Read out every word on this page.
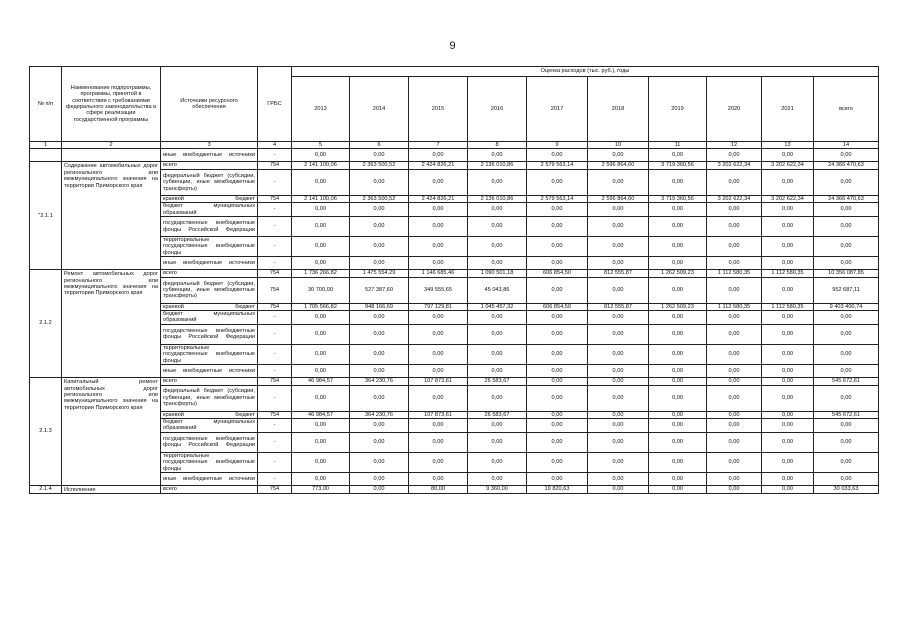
9
№ п/п	Наименование подпрограммы, программы, принятой в соответствии с требованиями федерального законодательства в сфере реализации государственной программы	Источники ресурсного обеспечения	ГРБС	Оценка расходов (тыс. руб.), годы									
				2013	2014	2015	2016	2017	2018	2019	2020	2021	всего
1	2	3	4	5	6	7	8	9	10	11	12	13	14
		иные внебюджетные источники	-	0,00	0,00	0,00	0,00	0,00	0,00	0,00	0,00	0,00	0,00
"2.1.1	Содержание автомобильных дорог регионального или межмуниципального значения на территории Приморского края	всего	754	2 141 100,06	2 363 500,52	2 424 826,21	2 136 010,86	2 579 563,14	2 596 864,60	3 719 360,56	3 202 622,34	3 202 622,34	24 366 470,63
		федеральный бюджет (субсидии, субвенции, иные межбюджетные трансферты)	-	0,00	0,00	0,00	0,00	0,00	0,00	0,00	0,00	0,00	0,00
		краевой бюджет	754	2 141 100,06	2 363 500,52	2 424 826,21	2 136 010,86	2 579 563,14	2 596 864,60	3 719 360,56	3 202 622,34	3 202 622,34	24 366 470,63
		бюджет муниципальных образований	-	0,00	0,00	0,00	0,00	0,00	0,00	0,00	0,00	0,00	0,00
		государственные внебюджетные фонды Российской Федерации	-	0,00	0,00	0,00	0,00	0,00	0,00	0,00	0,00	0,00	0,00
		территориальные государственные внебюджетные фонды	-	0,00	0,00	0,00	0,00	0,00	0,00	0,00	0,00	0,00	0,00
		иные внебюджетные источники	-	0,00	0,00	0,00	0,00	0,00	0,00	0,00	0,00	0,00	0,00
2.1.2	Ремонт автомобильных дорог регионального или межмуниципального значения на территории Приморского края	всего	754	1 736 266,82	1 475 554,29	1 146 685,46	1 090 501,18	606 854,50	812 555,87	1 262 509,23	1 112 580,35	1 112 580,35	10 356 087,85
		федеральный бюджет (субсидии, субвенции, иные межбюджетные трансферты)	754	30 700,00	527 387,60	349 555,65	45 043,86	0,00	0,00	0,00	0,00	0,00	952 687,11
		краевой бюджет	754	1 705 566,82	948 166,69	797 129,81	1 045 457,32	606 854,50	812 555,87	1 262 509,23	1 112 580,35	1 112 580,35	9 403 400,74
		бюджет муниципальных образований	-	0,00	0,00	0,00	0,00	0,00	0,00	0,00	0,00	0,00	0,00
		государственные внебюджетные фонды Российской Федерации	-	0,00	0,00	0,00	0,00	0,00	0,00	0,00	0,00	0,00	0,00
		территориальные государственные внебюджетные фонды	-	0,00	0,00	0,00	0,00	0,00	0,00	0,00	0,00	0,00	0,00
		иные внебюджетные источники	-	0,00	0,00	0,00	0,00	0,00	0,00	0,00	0,00	0,00	0,00
2.1.3	Капитальный ремонт автомобильных дорог регионального или межмуниципального значения на территории Приморского края	всего	754	46 984,57	364 230,76	107 873,61	26 583,67	0,00	0,00	0,00	0,00	0,00	545 672,61
		федеральный бюджет (субсидии, субвенции, иные межбюджетные трансферты)	-	0,00	0,00	0,00	0,00	0,00	0,00	0,00	0,00	0,00	0,00
		краевой бюджет	754	46 984,57	364 230,76	107 873,61	26 583,67	0,00	0,00	0,00	0,00	0,00	545 672,61
		бюджет муниципальных образований	-	0,00	0,00	0,00	0,00	0,00	0,00	0,00	0,00	0,00	0,00
		государственные внебюджетные фонды Российской Федерации	-	0,00	0,00	0,00	0,00	0,00	0,00	0,00	0,00	0,00	0,00
		территориальные государственные внебюджетные фонды	-	0,00	0,00	0,00	0,00	0,00	0,00	0,00	0,00	0,00	0,00
		иные внебюджетные источники	-	0,00	0,00	0,00	0,00	0,00	0,00	0,00	0,00	0,00	0,00
2.1.4	Исполнение	всего	754	773,00	0,00	80,00	9 360,00	19 820,63	0,00	0,00	0,00	0,00	30 033,63
